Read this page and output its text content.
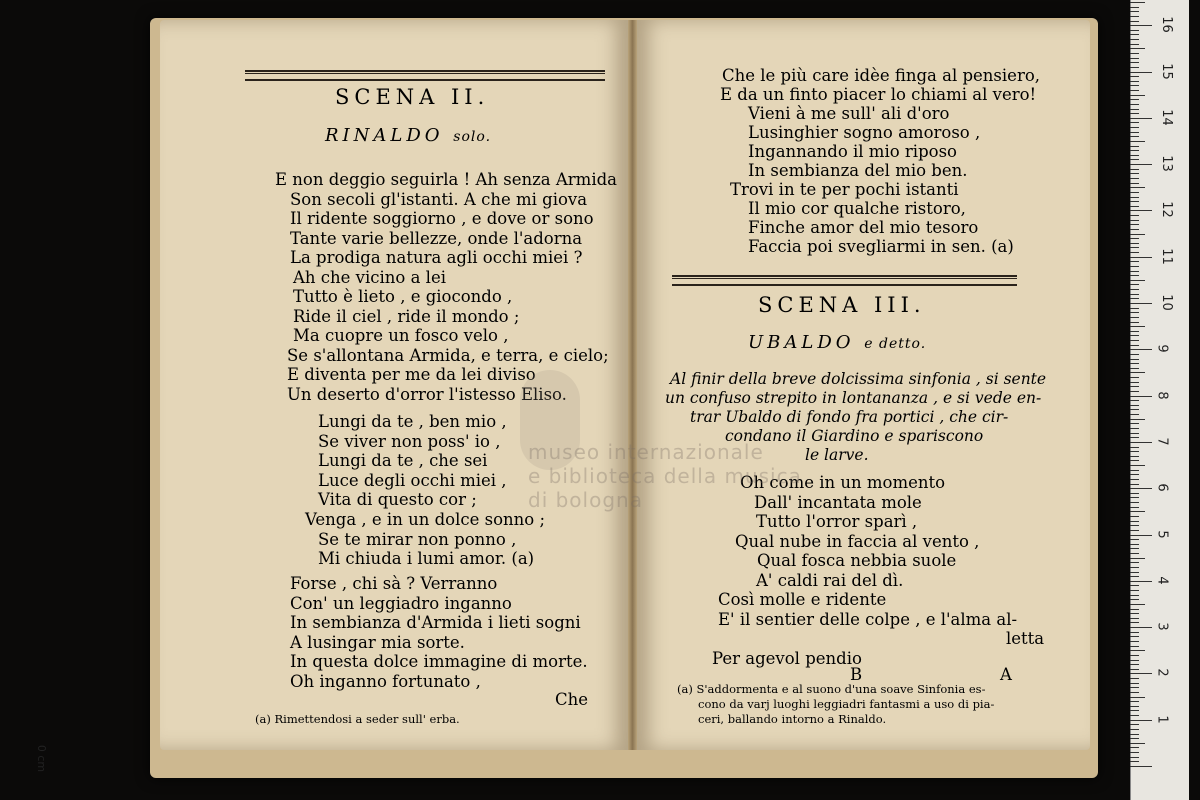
SCENA II.
RINALDO solo.
E non deggio seguirla ! Ah senza Armida
Son secoli gl'istanti. A che mi giova
Il ridente soggiorno , e dove or sono
Tante varie bellezze, onde l'adorna
La prodiga natura agli occhi miei ?
Ah che vicino a lei
Tutto è lieto , e giocondo ,
Ride il ciel , ride il mondo ;
Ma cuopre un fosco velo ,
Se s'allontana Armida, e terra, e cielo;
E diventa per me da lei diviso
Un deserto d'orror l'istesso Eliso.
Lungi da te , ben mio ,
Se viver non poss' io ,
Lungi da te , che sei
Luce degli occhi miei ,
Vita di questo cor ;
Venga , e in un dolce sonno ;
Se te mirar non ponno ,
Mi chiuda i lumi amor. (a)
Forse , chi sà ? Verranno
Con' un leggiadro inganno
In sembianza d'Armida i lieti sogni
A lusingar mia sorte.
In questa dolce immagine di morte.
Oh inganno fortunato ,
Che
(a) Rimettendosi a seder sull' erba.
Che le più care idèe finga al pensiero,
E da un finto piacer lo chiami al vero!
Vieni à me sull' ali d'oro
Lusinghier sogno amoroso ,
Ingannando il mio riposo
In sembianza del mio ben.
Trovi in te per pochi istanti
Il mio cor qualche ristoro,
Finche amor del mio tesoro
Faccia poi svegliarmi in sen. (a)
SCENA III.
UBALDO e detto.
Al finir della breve dolcissima sinfonia , si sente
un confuso strepito in lontananza , e si vede en-
trar Ubaldo di fondo fra portici , che cir-
condano il Giardino e spariscono
le larve.
Oh come in un momento
Dall' incantata mole
Tutto l'orror sparì ,
Qual nube in faccia al vento ,
Qual fosca nebbia suole
A' caldi rai del dì.
Così molle e ridente
E' il sentier delle colpe , e l'alma al-
letta
Per agevol pendio
B	A
(a) S'addormenta e al suono d'una soave Sinfonia es-
cono da varj luoghi leggiadri fantasmi a uso di pia-
ceri, ballando intorno a Rinaldo.
museo internazionale
e biblioteca della musica
di bologna
1
2
3
4
5
6
7
8
9
10
11
12
13
14
15
16
0 cm
